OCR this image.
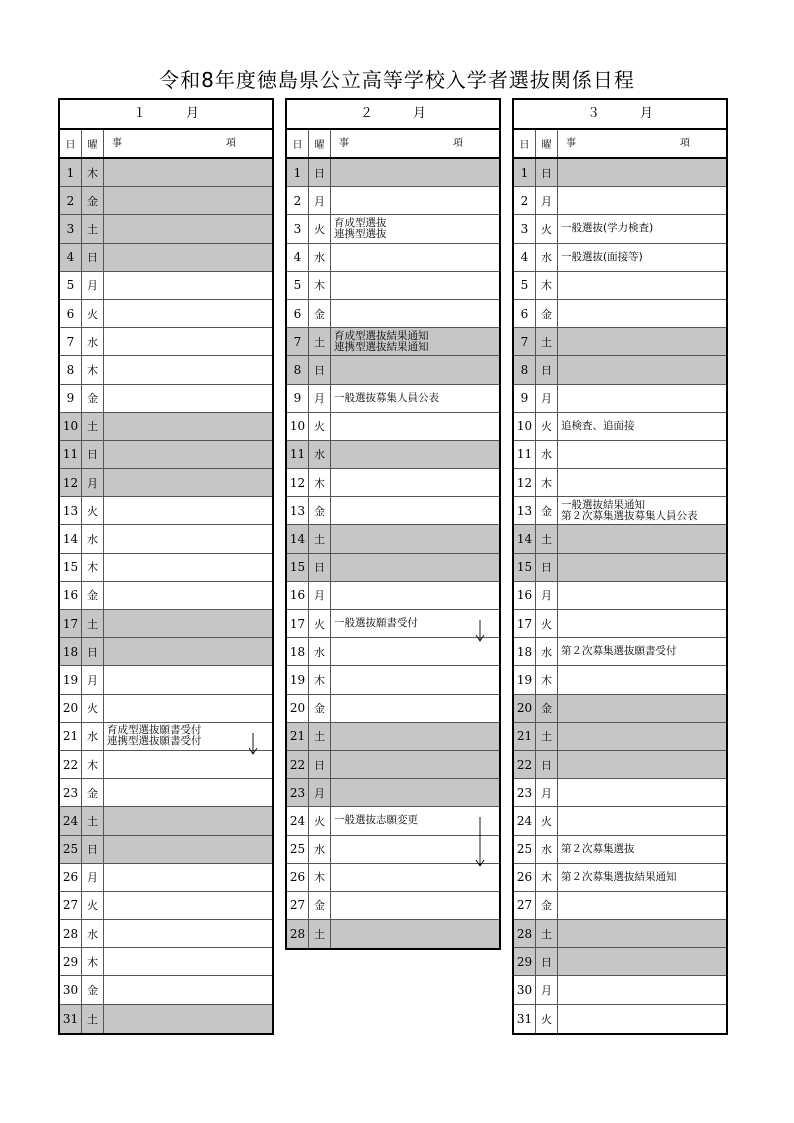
令和8年度徳島県公立高等学校入学者選抜関係日程
１	月
日	曜	事　　項
1	木
2	金
3	土
4	日
5	月
6	火
7	水
8	木
9	金
10 土
11 日
12 月
13 火
14 水
15 木
16 金
17 土
18 日
19 月
20 火
21 水 育成型選抜願書受付
連携型選抜願書受付
22 木
23 金
24 土
25 日
26 月
27 火
28 水
29 木
30 金
31 土
２	月
日	曜	事　　項
1	日
2	月
3	火 育成型選抜
連携型選抜
4	水
5	木
6	金
7	土 育成型選抜結果通知
連携型選抜結果通知
8	日
9	月 一般選抜募集人員公表
10 火
11 水
12 木
13 金
14 土
15 日
16 月
17 火 一般選抜願書受付
18 水
19 木
20 金
21 土
22 日
23 月
24 火 一般選抜志願変更
25 水
26 木
27 金
28 土
３	月
日	曜	事　　項
1	日
2	月
3	火 一般選抜(学力検査)
4	水 一般選抜(面接等)
5	木
6	金
7	土
8	日
9	月
10 火 追検査、追面接
11 水
12 木
13 金 一般選抜結果通知
第２次募集選抜募集人員公表
14 土
15 日
16 月
17 火
18 水 第２次募集選抜願書受付
19 木
20 金
21 土
22 日
23 月
24 火
25 水 第２次募集選抜
26 木 第２次募集選抜結果通知
27 金
28 土
29 日
30 月
31 火
